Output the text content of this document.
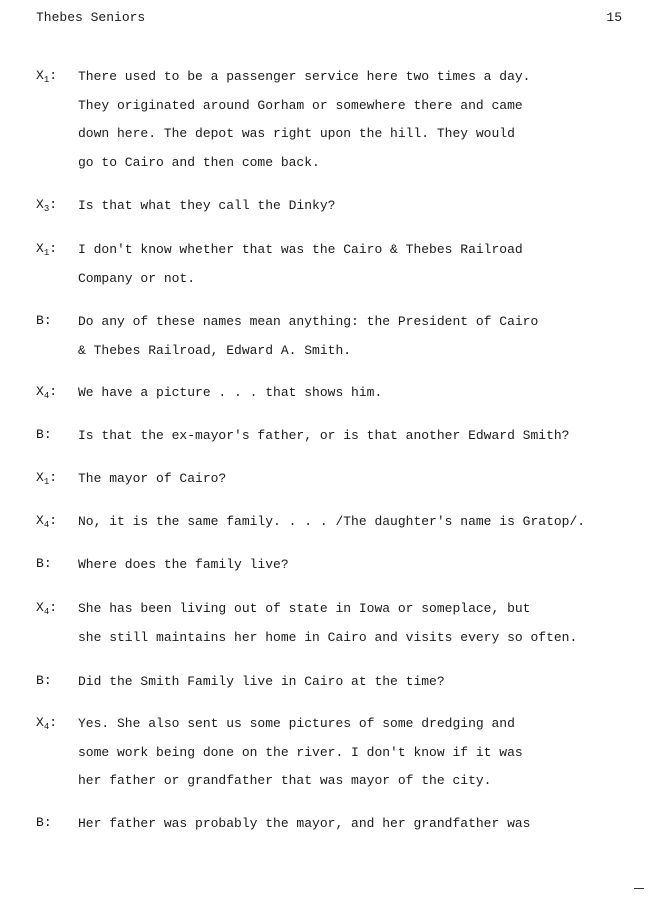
Thebes Seniors	15
$X_1$: There used to be a passenger service here two times a day.
They originated around Gorham or somewhere there and came
down here. The depot was right upon the hill. They would
go to Cairo and then come back.
$X_3$: Is that what they call the Dinky?
$X_1$: I don't know whether that was the Cairo & Thebes Railroad
Company or not.
B: Do any of these names mean anything: the President of Cairo
& Thebes Railroad, Edward A. Smith.
$X_4$: We have a picture . . . that shows him.
B: Is that the ex-mayor's father, or is that another Edward Smith?
$X_1$: The mayor of Cairo?
$X_4$: No, it is the same family. . . . /The daughter's name is Gratop/.
B: Where does the family live?
$X_4$: She has been living out of state in Iowa or someplace, but
she still maintains her home in Cairo and visits every so often.
B: Did the Smith Family live in Cairo at the time?
$X_4$: Yes. She also sent us some pictures of some dredging and
some work being done on the river. I don't know if it was
her father or grandfather that was mayor of the city.
B: Her father was probably the mayor, and her grandfather was
